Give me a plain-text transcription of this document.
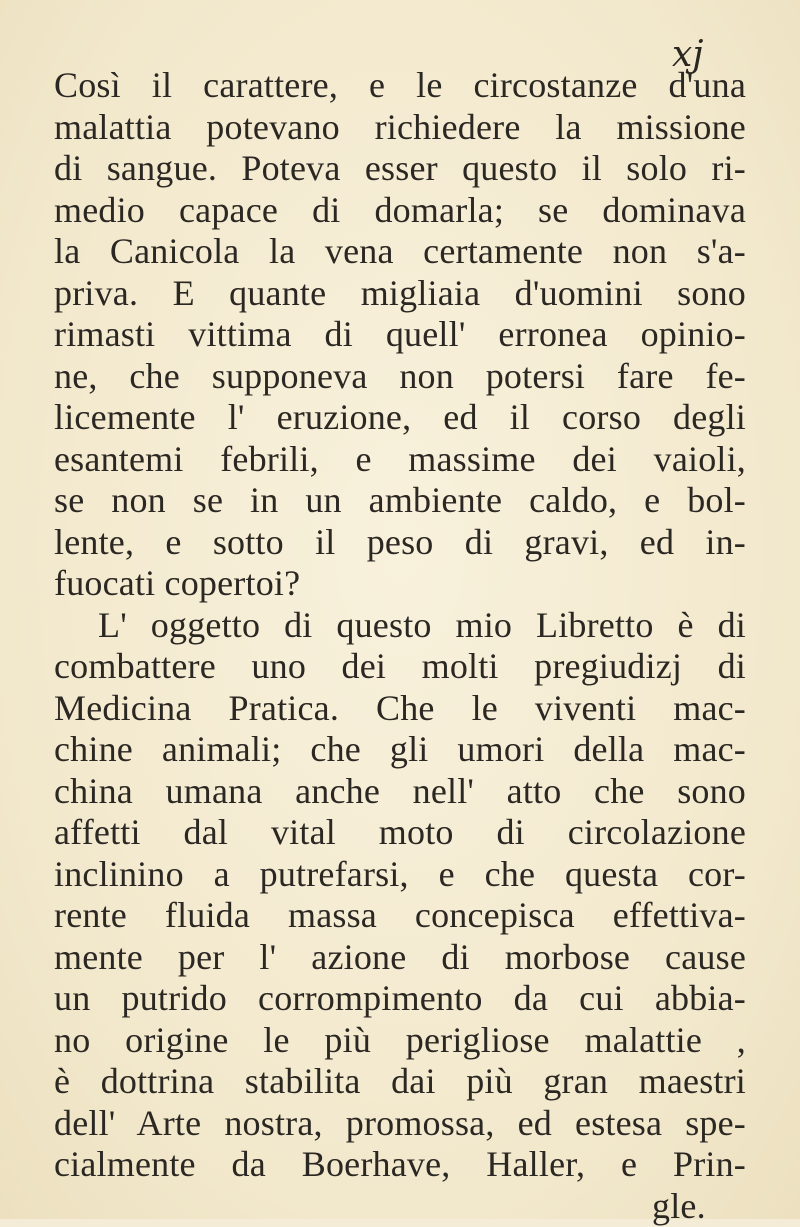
xj
Così il carattere, e le circostanze d'una
malattia potevano richiedere la missione
di sangue. Poteva esser questo il solo ri-
medio capace di domarla; se dominava
la Canicola la vena certamente non s'a-
priva. E quante migliaia d'uomini sono
rimasti vittima di quell' erronea opinio-
ne, che supponeva non potersi fare fe-
licemente l' eruzione, ed il corso degli
esantemi febrili, e massime dei vaioli,
se non se in un ambiente caldo, e bol-
lente, e sotto il peso di gravi, ed in-
fuocati copertoi?
L' oggetto di questo mio Libretto è di
combattere uno dei molti pregiudizj di
Medicina Pratica. Che le viventi mac-
chine animali; che gli umori della mac-
china umana anche nell' atto che sono
affetti dal vital moto di circolazione
inclinino a putrefarsi, e che questa cor-
rente fluida massa concepisca effettiva-
mente per l' azione di morbose cause
un putrido corrompimento da cui abbia-
no origine le più perigliose malattie ,
è dottrina stabilita dai più gran maestri
dell' Arte nostra, promossa, ed estesa spe-
cialmente da Boerhave, Haller, e Prin-
gle.
